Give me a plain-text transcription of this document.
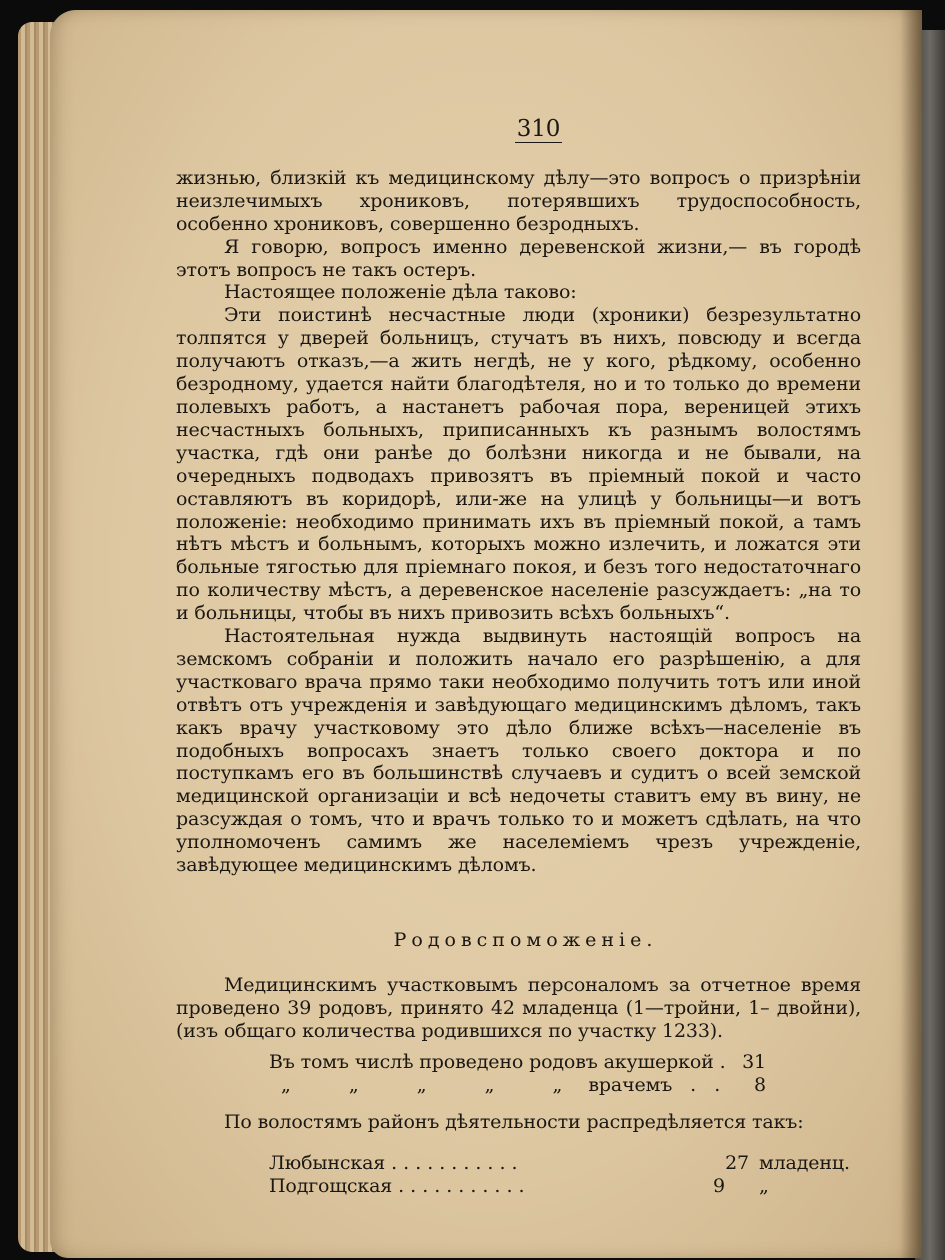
310

жизнью, близкій къ медицинскому дѣлу—это вопросъ о призрѣніи неизлечимыхъ хрониковъ, потерявшихъ трудоспособность, особенно хрониковъ, совершенно безродныхъ.

Я говорю, вопросъ именно деревенской жизни,— въ городѣ этотъ вопросъ не такъ остеръ.

Настоящее положеніе дѣла таково:

Эти поистинѣ несчастные люди (хроники) безрезультатно толпятся у дверей больницъ, стучатъ въ нихъ, повсюду и всегда получаютъ отказъ,—а жить негдѣ, не у кого, рѣдкому, особенно безродному, удается найти благодѣтеля, но и то только до времени полевыхъ работъ, а настанетъ рабочая пора, вереницей этихъ несчастныхъ больныхъ, приписанныхъ къ разнымъ волостямъ участка, гдѣ они ранѣе до болѣзни никогда и не бывали, на очередныхъ подводахъ привозятъ въ пріемный покой и часто оставляютъ въ коридорѣ, или-же на улицѣ у больницы—и вотъ положеніе: необходимо принимать ихъ въ пріемный покой, а тамъ нѣтъ мѣстъ и больнымъ, которыхъ можно излечить, и ложатся эти больные тягостью для пріемнаго покоя, и безъ того недостаточнаго по количеству мѣстъ, а деревенское населеніе разсуждаетъ: „на то и больницы, чтобы въ нихъ привозить всѣхъ больныхъ“.

Настоятельная нужда выдвинуть настоящій вопросъ на земскомъ собраніи и положить начало его разрѣшенію, а для участковаго врача прямо таки необходимо получить тотъ или иной отвѣтъ отъ учрежденія и завѣдующаго медицинскимъ дѣломъ, такъ какъ врачу участковому это дѣло ближе всѣхъ—населеніе въ подобныхъ вопросахъ знаетъ только своего доктора и по поступкамъ его въ большинствѣ случаевъ и судитъ о всей земской медицинской организаціи и всѣ недочеты ставитъ ему въ вину, не разсуждая о томъ, что и врачъ только то и можетъ сдѣлать, на что уполномоченъ самимъ же населеміемъ чрезъ учрежденіе, завѣдующее медицинскимъ дѣломъ.

Родовспоможеніе.

Медицинскимъ участковымъ персоналомъ за отчетное время проведено 39 родовъ, принято 42 младенца (1—тройни, 1– двойни), (изъ общаго количества родившихся по участку 1233).

Въ томъ числѣ проведено родовъ акушеркой . 31
„ „ „ „ „ врачемъ . .	8

По волостямъ районъ дѣятельности распредѣляется такъ:

Любынская ...........	27 младенц.
Подгощская ...........	9	„
